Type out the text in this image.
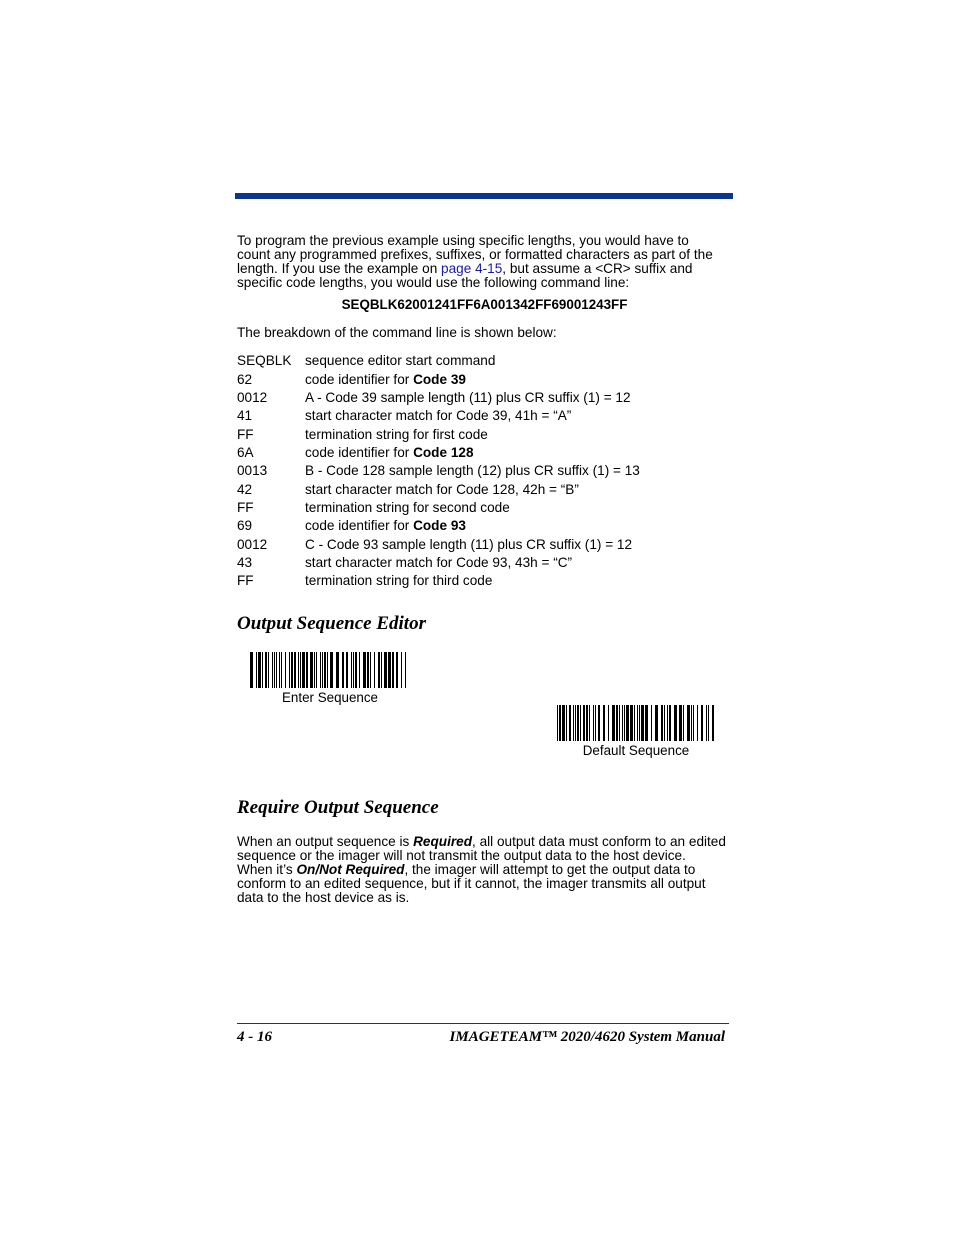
To program the previous example using specific lengths, you would have to
count any programmed prefixes, suffixes, or formatted characters as part of the
length. If you use the example on page 4-15, but assume a <CR> suffix and
specific code lengths, you would use the following command line:

SEQBLK62001241FF6A001342FF69001243FF
The breakdown of the command line is shown below:
SEQBLK sequence editor start command
62	code identifier for Code 39
0012	A - Code 39 sample length (11) plus CR suffix (1) = 12
41	start character match for Code 39, 41h = “A”
FF	termination string for first code
6A	code identifier for Code 128
0013	B - Code 128 sample length (12) plus CR suffix (1) = 13
42	start character match for Code 128, 42h = “B”
FF	termination string for second code
69	code identifier for Code 93
0012	C - Code 93 sample length (11) plus CR suffix (1) = 12
43	start character match for Code 93, 43h = “C”
FF	termination string for third code
Output Sequence Editor
Enter Sequence
Default Sequence
Require Output Sequence

When an output sequence is Required, all output data must conform to an edited
sequence or the imager will not transmit the output data to the host device.
When it’s On/Not Required, the imager will attempt to get the output data to
conform to an edited sequence, but if it cannot, the imager transmits all output
data to the host device as is.

4 - 16	IMAGETEAM™ 2020/4620 System Manual
